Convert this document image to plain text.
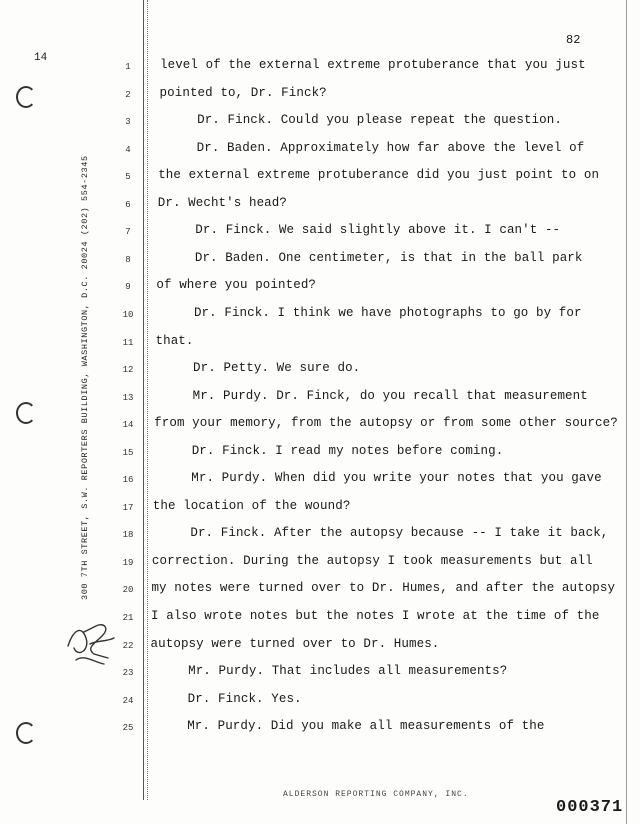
14
82
300 7TH STREET, S.W. REPORTERS BUILDING, WASHINGTON, D.C. 20024 (202) 554-2345
1
2
3
4
5
6
7
8
9
10
11
12
13
14
15
16
17
18
19
20
21
22
23
24
25
level of the external extreme protuberance that you just
pointed to, Dr. Finck?
Dr. Finck. Could you please repeat the question.
Dr. Baden. Approximately how far above the level of
the external extreme protuberance did you just point to on
Dr. Wecht's head?
Dr. Finck. We said slightly above it. I can't --
Dr. Baden. One centimeter, is that in the ball park
of where you pointed?
Dr. Finck. I think we have photographs to go by for
that.
Dr. Petty. We sure do.
Mr. Purdy. Dr. Finck, do you recall that measurement
from your memory, from the autopsy or from some other source?
Dr. Finck. I read my notes before coming.
Mr. Purdy. When did you write your notes that you gave
the location of the wound?
Dr. Finck. After the autopsy because -- I take it back,
correction. During the autopsy I took measurements but all
my notes were turned over to Dr. Humes, and after the autopsy
I also wrote notes but the notes I wrote at the time of the
autopsy were turned over to Dr. Humes.
Mr. Purdy. That includes all measurements?
Dr. Finck. Yes.
Mr. Purdy. Did you make all measurements of the
ALDERSON REPORTING COMPANY, INC.
000371
